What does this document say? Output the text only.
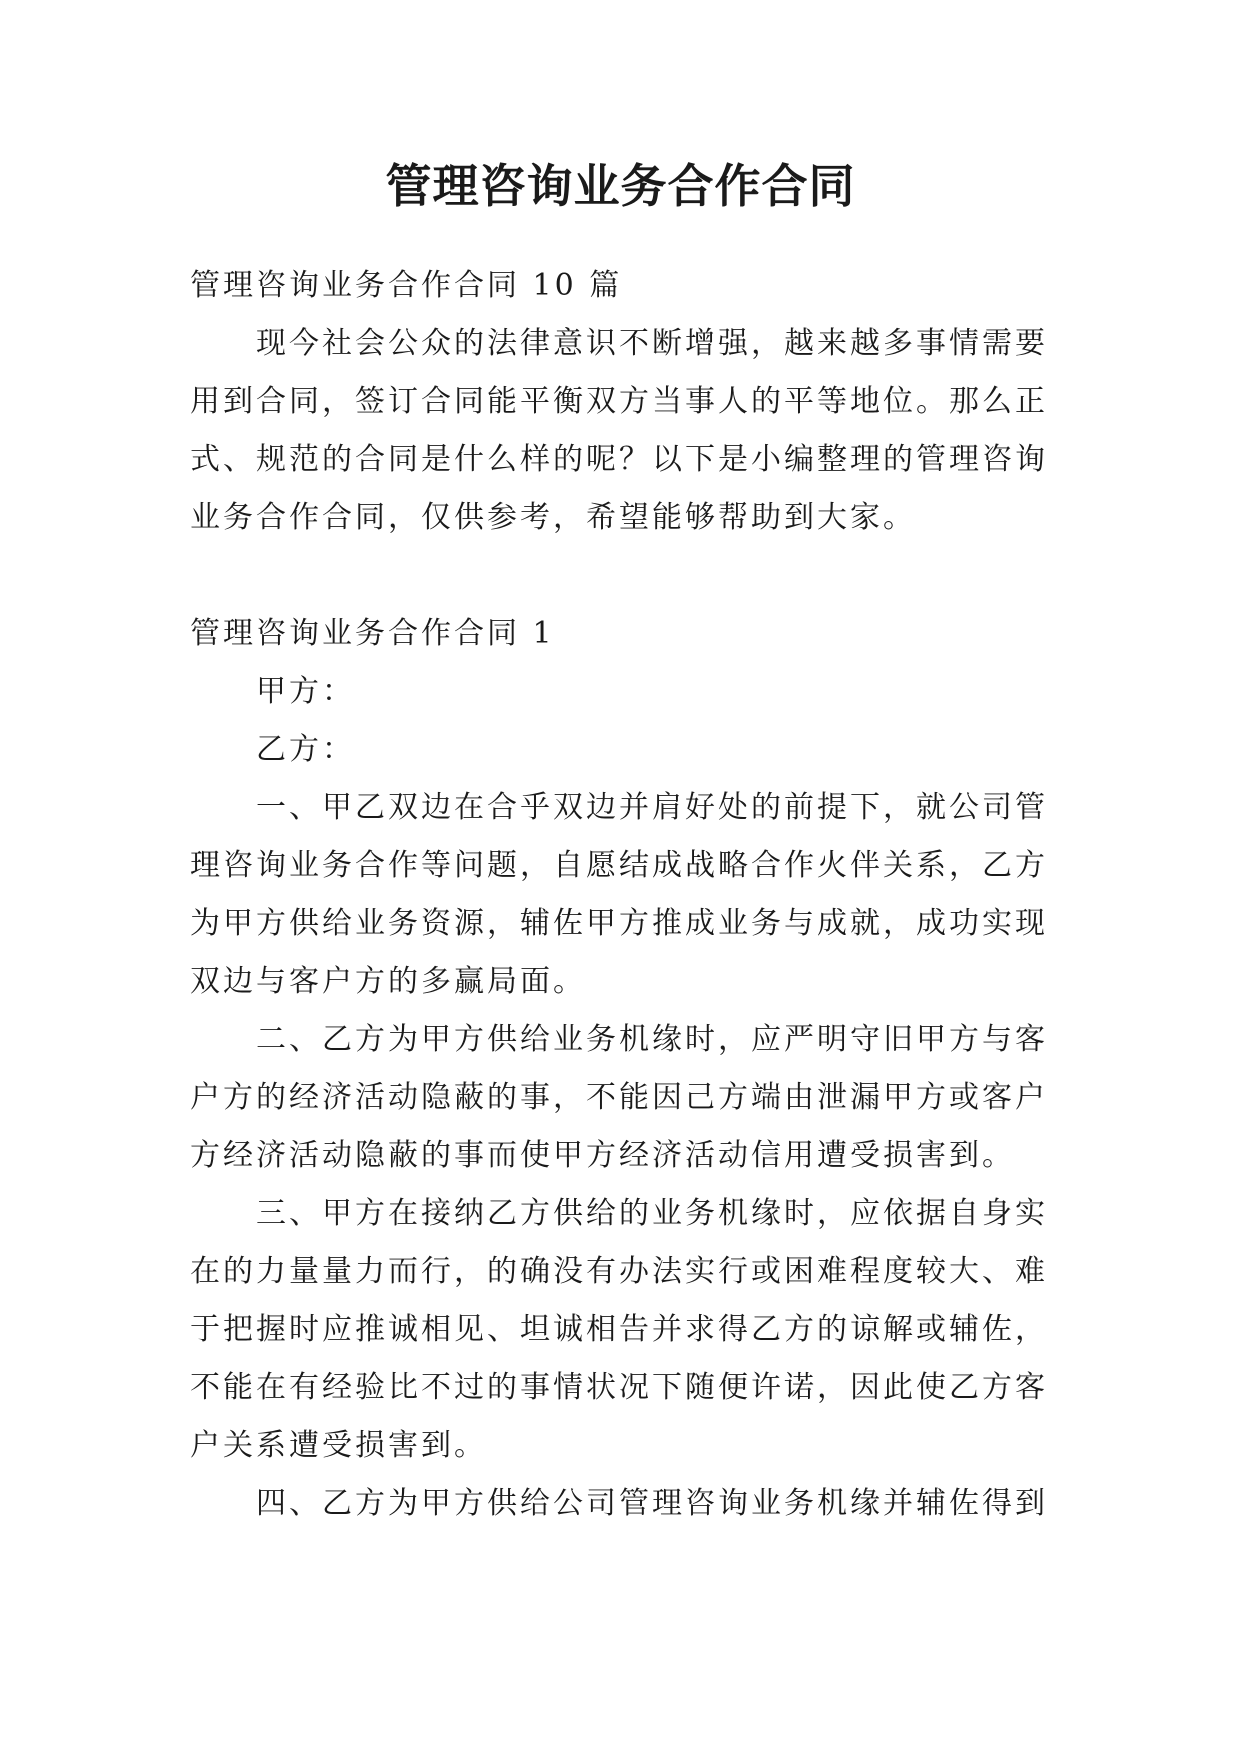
管理咨询业务合作合同

管理咨询业务合作合同 10 篇

现今社会公众的法律意识不断增强，越来越多事情需要用到合同，签订合同能平衡双方当事人的平等地位。那么正式、规范的合同是什么样的呢？以下是小编整理的管理咨询业务合作合同，仅供参考，希望能够帮助到大家。

管理咨询业务合作合同 1

甲方：

乙方：

一、甲乙双边在合乎双边并肩好处的前提下，就公司管理咨询业务合作等问题，自愿结成战略合作火伴关系，乙方为甲方供给业务资源，辅佐甲方推成业务与成就，成功实现双边与客户方的多赢局面。

二、乙方为甲方供给业务机缘时，应严明守旧甲方与客户方的经济活动隐蔽的事，不能因己方端由泄漏甲方或客户方经济活动隐蔽的事而使甲方经济活动信用遭受损害到。

三、甲方在接纳乙方供给的业务机缘时，应依据自身实在的力量量力而行，的确没有办法实行或困难程度较大、难于把握时应推诚相见、坦诚相告并求得乙方的谅解或辅佐，不能在有经验比不过的事情状况下随便许诺，因此使乙方客户关系遭受损害到。

四、乙方为甲方供给公司管理咨询业务机缘并辅佐得到
